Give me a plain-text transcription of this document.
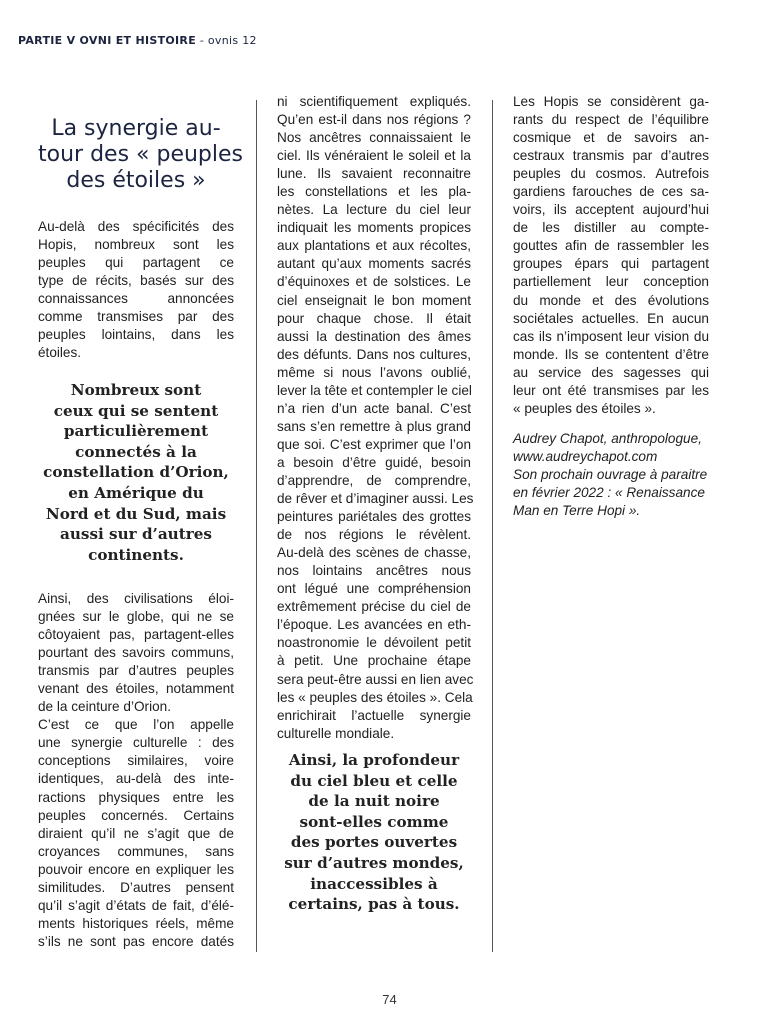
PARTIE V OVNI ET HISTOIRE - ovnis 12
La synergie au-
tour des « peuples
des étoiles »
Au-delà des spécificités des
Hopis, nombreux sont les
peuples qui partagent ce
type de récits, basés sur des
connaissances annoncées
comme transmises par des
peuples lointains, dans les
étoiles.
Nombreux sont
ceux qui se sentent
particulièrement
connectés à la
constellation d’Orion,
en Amérique du
Nord et du Sud, mais
aussi sur d’autres
continents.
Ainsi, des civilisations éloi-
gnées sur le globe, qui ne se
côtoyaient pas, partagent-elles
pourtant des savoirs communs,
transmis par d’autres peuples
venant des étoiles, notamment
de la ceinture d’Orion.
C’est ce que l’on appelle
une synergie culturelle : des
conceptions similaires, voire
identiques, au-delà des inte-
ractions physiques entre les
peuples concernés. Certains
diraient qu’il ne s’agit que de
croyances communes, sans
pouvoir encore en expliquer les
similitudes. D’autres pensent
qu’il s’agit d’états de fait, d’élé-
ments historiques réels, même
s’ils ne sont pas encore datés
ni scientifiquement expliqués.
Qu’en est-il dans nos régions ?
Nos ancêtres connaissaient le
ciel. Ils vénéraient le soleil et la
lune. Ils savaient reconnaitre
les constellations et les pla-
nètes. La lecture du ciel leur
indiquait les moments propices
aux plantations et aux récoltes,
autant qu’aux moments sacrés
d’équinoxes et de solstices. Le
ciel enseignait le bon moment
pour chaque chose. Il était
aussi la destination des âmes
des défunts. Dans nos cultures,
même si nous l’avons oublié,
lever la tête et contempler le ciel
n’a rien d’un acte banal. C’est
sans s’en remettre à plus grand
que soi. C’est exprimer que l’on
a besoin d’être guidé, besoin
d’apprendre, de comprendre,
de rêver et d’imaginer aussi. Les
peintures pariétales des grottes
de nos régions le révèlent.
Au-delà des scènes de chasse,
nos lointains ancêtres nous
ont légué une compréhension
extrêmement précise du ciel de
l’époque. Les avancées en eth-
noastronomie le dévoilent petit
à petit. Une prochaine étape
sera peut-être aussi en lien avec
les « peuples des étoiles ». Cela
enrichirait l’actuelle synergie
culturelle mondiale.
Ainsi, la profondeur
du ciel bleu et celle
de la nuit noire
sont-elles comme
des portes ouvertes
sur d’autres mondes,
inaccessibles à
certains, pas à tous.
Les Hopis se considèrent ga-
rants du respect de l’équilibre
cosmique et de savoirs an-
cestraux transmis par d’autres
peuples du cosmos. Autrefois
gardiens farouches de ces sa-
voirs, ils acceptent aujourd’hui
de les distiller au compte-
gouttes afin de rassembler les
groupes épars qui partagent
partiellement leur conception
du monde et des évolutions
sociétales actuelles. En aucun
cas ils n’imposent leur vision du
monde. Ils se contentent d’être
au service des sagesses qui
leur ont été transmises par les
« peuples des étoiles ».
Audrey Chapot, anthropologue,
www.audreychapot.com
Son prochain ouvrage à paraitre
en février 2022 : « Renaissance
Man en Terre Hopi ».
74
